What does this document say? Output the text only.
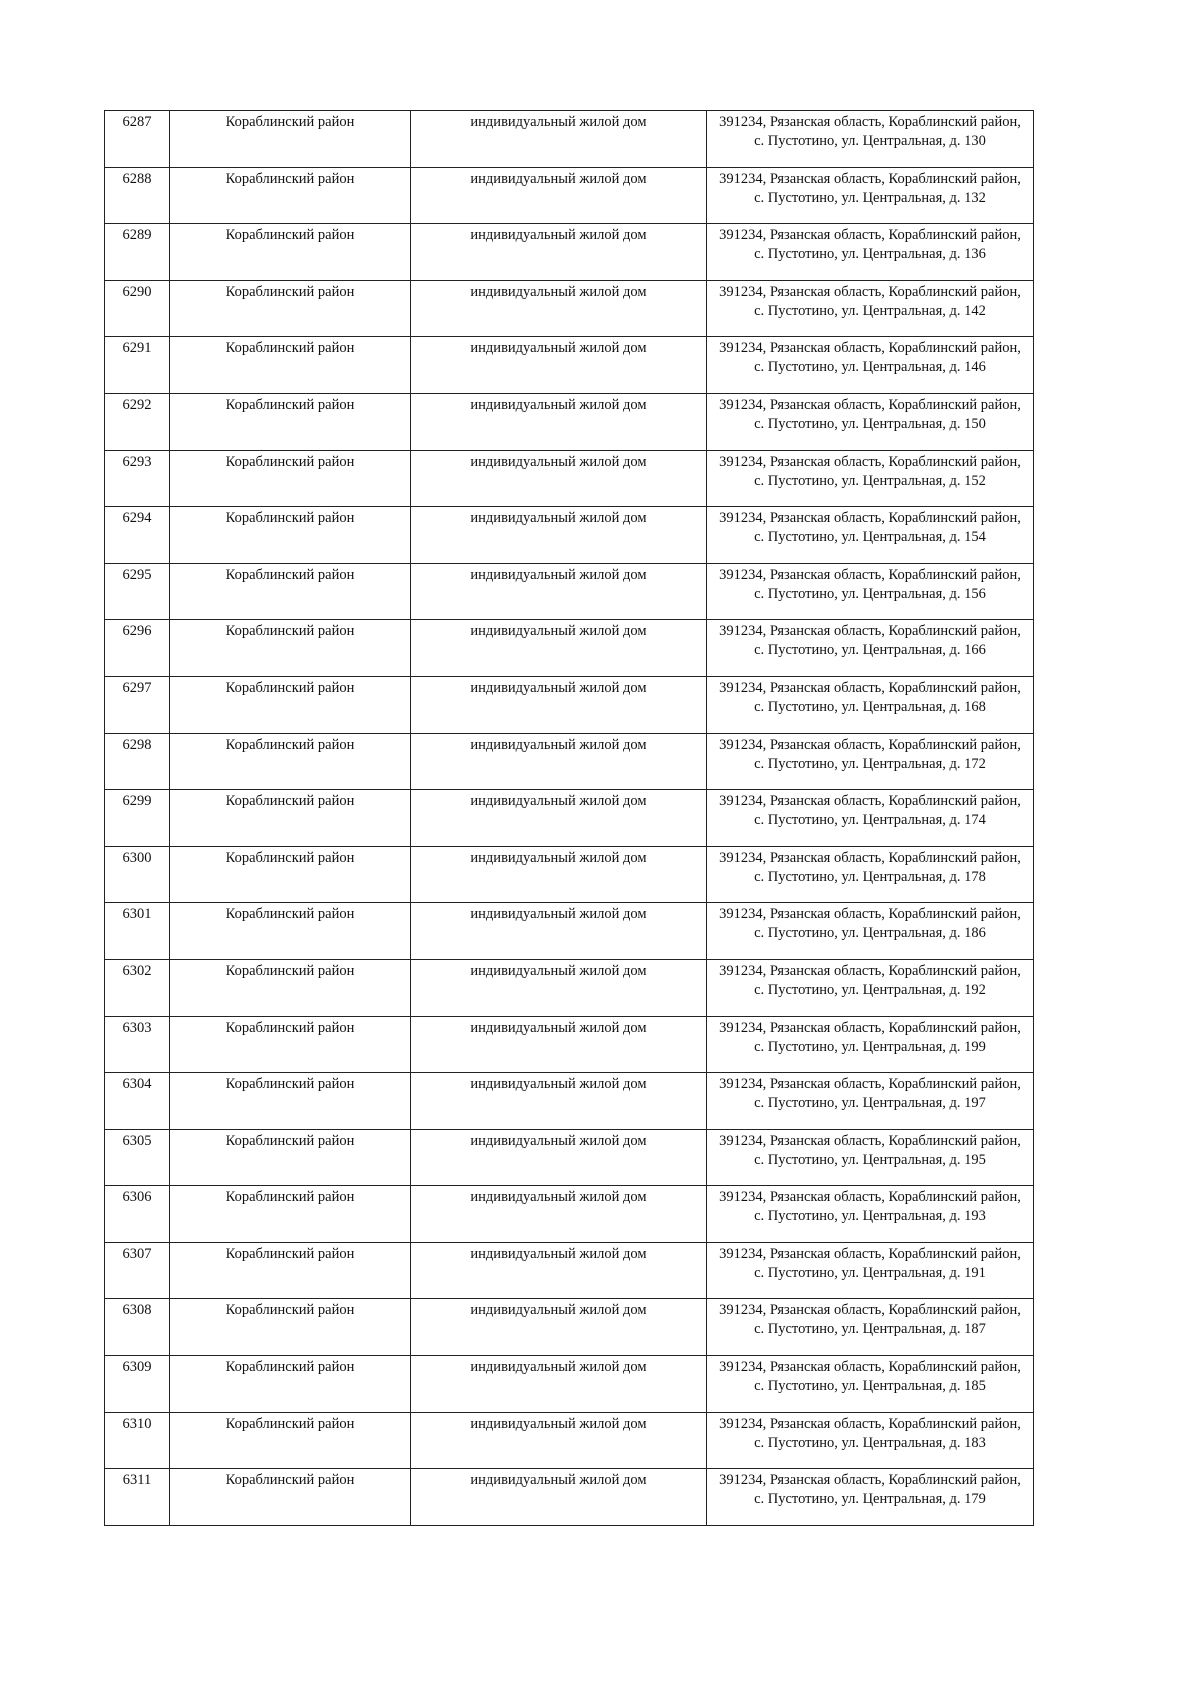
6287	Кораблинский район	индивидуальный жилой дом	391234, Рязанская область, Кораблинский район,
с. Пустотино, ул. Центральная, д. 130

6288	Кораблинский район	индивидуальный жилой дом	391234, Рязанская область, Кораблинский район,
с. Пустотино, ул. Центральная, д. 132

6289	Кораблинский район	индивидуальный жилой дом	391234, Рязанская область, Кораблинский район,
с. Пустотино, ул. Центральная, д. 136

6290	Кораблинский район	индивидуальный жилой дом	391234, Рязанская область, Кораблинский район,
с. Пустотино, ул. Центральная, д. 142

6291	Кораблинский район	индивидуальный жилой дом	391234, Рязанская область, Кораблинский район,
с. Пустотино, ул. Центральная, д. 146

6292	Кораблинский район	индивидуальный жилой дом	391234, Рязанская область, Кораблинский район,
с. Пустотино, ул. Центральная, д. 150

6293	Кораблинский район	индивидуальный жилой дом	391234, Рязанская область, Кораблинский район,
с. Пустотино, ул. Центральная, д. 152

6294	Кораблинский район	индивидуальный жилой дом	391234, Рязанская область, Кораблинский район,
с. Пустотино, ул. Центральная, д. 154

6295	Кораблинский район	индивидуальный жилой дом	391234, Рязанская область, Кораблинский район,
с. Пустотино, ул. Центральная, д. 156

6296	Кораблинский район	индивидуальный жилой дом	391234, Рязанская область, Кораблинский район,
с. Пустотино, ул. Центральная, д. 166

6297	Кораблинский район	индивидуальный жилой дом	391234, Рязанская область, Кораблинский район,
с. Пустотино, ул. Центральная, д. 168

6298	Кораблинский район	индивидуальный жилой дом	391234, Рязанская область, Кораблинский район,
с. Пустотино, ул. Центральная, д. 172

6299	Кораблинский район	индивидуальный жилой дом	391234, Рязанская область, Кораблинский район,
с. Пустотино, ул. Центральная, д. 174

6300	Кораблинский район	индивидуальный жилой дом	391234, Рязанская область, Кораблинский район,
с. Пустотино, ул. Центральная, д. 178

6301	Кораблинский район	индивидуальный жилой дом	391234, Рязанская область, Кораблинский район,
с. Пустотино, ул. Центральная, д. 186

6302	Кораблинский район	индивидуальный жилой дом	391234, Рязанская область, Кораблинский район,
с. Пустотино, ул. Центральная, д. 192

6303	Кораблинский район	индивидуальный жилой дом	391234, Рязанская область, Кораблинский район,
с. Пустотино, ул. Центральная, д. 199

6304	Кораблинский район	индивидуальный жилой дом	391234, Рязанская область, Кораблинский район,
с. Пустотино, ул. Центральная, д. 197

6305	Кораблинский район	индивидуальный жилой дом	391234, Рязанская область, Кораблинский район,
с. Пустотино, ул. Центральная, д. 195

6306	Кораблинский район	индивидуальный жилой дом	391234, Рязанская область, Кораблинский район,
с. Пустотино, ул. Центральная, д. 193

6307	Кораблинский район	индивидуальный жилой дом	391234, Рязанская область, Кораблинский район,
с. Пустотино, ул. Центральная, д. 191

6308	Кораблинский район	индивидуальный жилой дом	391234, Рязанская область, Кораблинский район,
с. Пустотино, ул. Центральная, д. 187

6309	Кораблинский район	индивидуальный жилой дом	391234, Рязанская область, Кораблинский район,
с. Пустотино, ул. Центральная, д. 185

6310	Кораблинский район	индивидуальный жилой дом	391234, Рязанская область, Кораблинский район,
с. Пустотино, ул. Центральная, д. 183

6311	Кораблинский район	индивидуальный жилой дом	391234, Рязанская область, Кораблинский район,
с. Пустотино, ул. Центральная, д. 179
